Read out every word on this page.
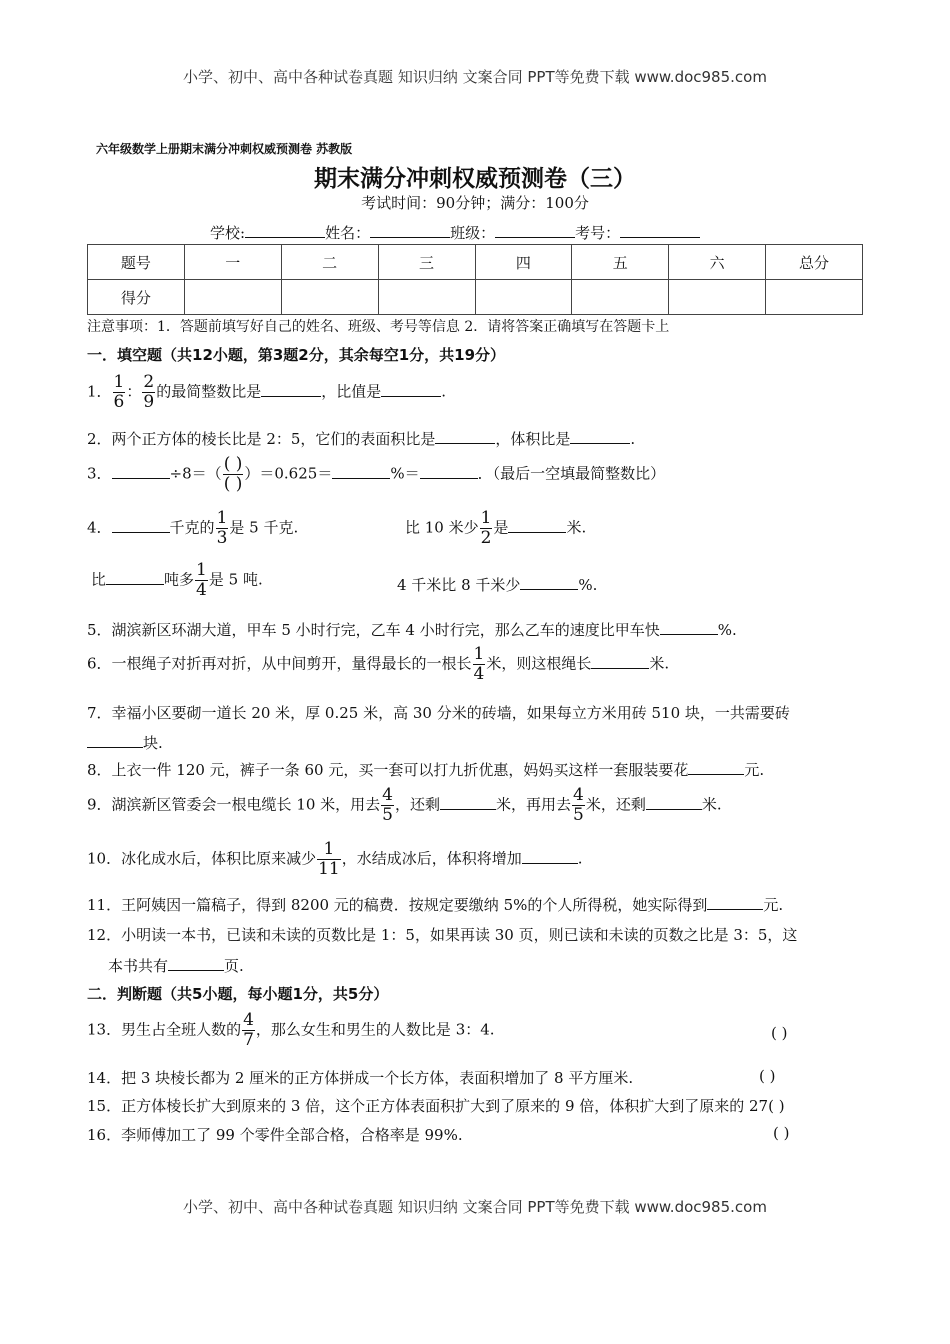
小学、初中、高中各种试卷真题 知识归纳 文案合同 PPT等免费下载 www.doc985.com
六年级数学上册期末满分冲刺权威预测卷 苏教版
期末满分冲刺权威预测卷（三）
考试时间：90分钟；满分：100分
学校:	姓名：	班级：	考号：
题号	一	二	三	四	五	六	总分
得分							
注意事项：1．答题前填写好自己的姓名、班级、考号等信息 2．请将答案正确填写在答题卡上
一．填空题（共12小题，第3题2分，其余每空1分，共19分）
1． $\frac{1}{6}$ ： $\frac{2}{9}$ 的最简整数比是	，比值是	.
2．两个正方体的棱长比是 2：5，它们的表面积比是	，体积比是	.
3．	$\div 8=( \frac{( )}{( )} )=0.625=$	%＝	．（最后一空填最简整数比）
4．	千克的 $\frac{1}{3}$ 是 5 千克.	比 10 米少 $\frac{1}{2}$ 是	米.
比	吨多 $\frac{1}{4}$ 是 5 吨.	4 千米比 8 千米少	%.
5．湖滨新区环湖大道，甲车 5 小时行完，乙车 4 小时行完，那么乙车的速度比甲车快	%.
6．一根绳子对折再对折，从中间剪开，量得最长的一根长 $\frac{1}{4}$ 米，则这根绳长	米.
7．幸福小区要砌一道长 20 米，厚 0.25 米，高 30 分米的砖墙，如果每立方米用砖 510 块，一共需要砖
块.
8．上衣一件 120 元，裤子一条 60 元，买一套可以打九折优惠，妈妈买这样一套服装要花	元.
9．湖滨新区管委会一根电缆长 10 米，用去 $\frac{4}{5}$ ，还剩	米，再用去 $\frac{4}{5}$ 米，还剩	米.
10．冰化成水后，体积比原来减少 $\frac{1}{11}$ ，水结成冰后，体积将增加	.
11．王阿姨因一篇稿子，得到 8200 元的稿费．按规定要缴纳 5%的个人所得税，她实际得到	元.
12．小明读一本书，已读和未读的页数比是 1：5，如果再读 30 页，则已读和未读的页数之比是 3：5，这
本书共有	页.
二．判断题（共5小题，每小题1分，共5分）
13．男生占全班人数的 $\frac{4}{7}$ ，那么女生和男生的人数比是 3：4.	( )
14．把 3 块棱长都为 2 厘米的正方体拼成一个长方体，表面积增加了 8 平方厘米.	( )
15．正方体棱长扩大到原来的 3 倍，这个正方体表面积扩大到了原来的 9 倍，体积扩大到了原来的 27( )
16．李师傅加工了 99 个零件全部合格，合格率是 99%.	( )
小学、初中、高中各种试卷真题 知识归纳 文案合同 PPT等免费下载 www.doc985.com
